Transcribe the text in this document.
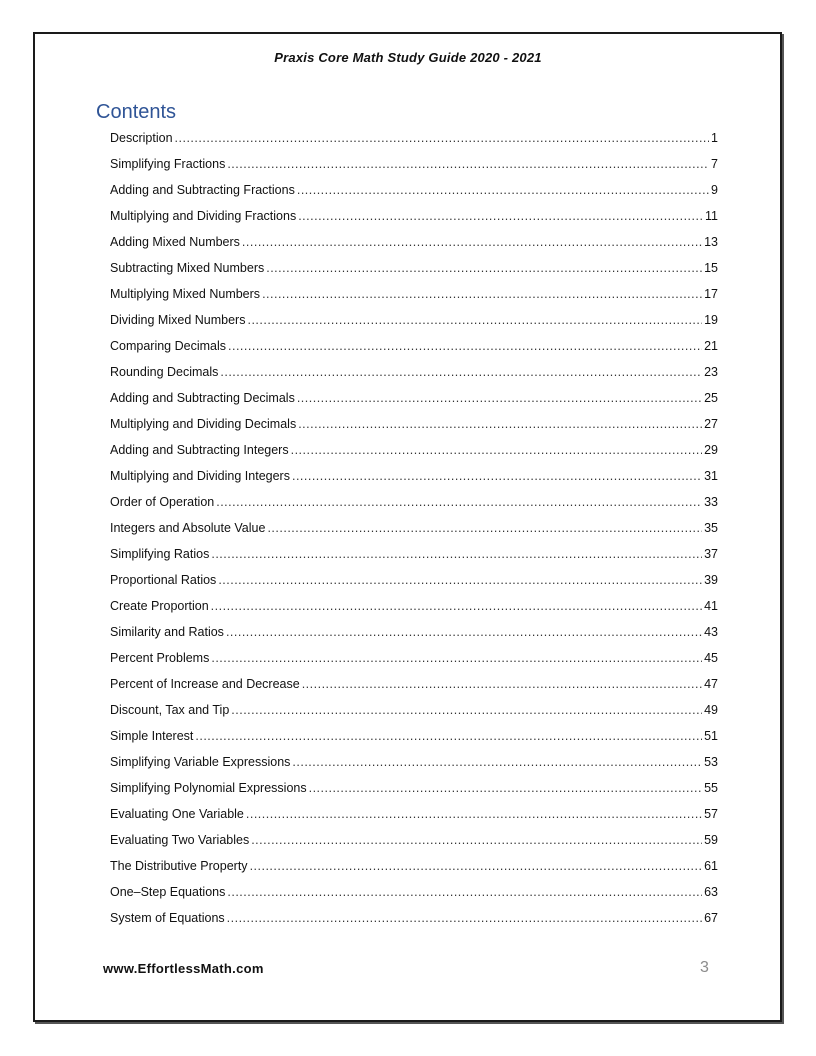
Praxis Core Math Study Guide 2020 - 2021
Contents
Description .....	1
Simplifying Fractions .....	7
Adding and Subtracting Fractions .....	9
Multiplying and Dividing Fractions .....	11
Adding Mixed Numbers .....	13
Subtracting Mixed Numbers .....	15
Multiplying Mixed Numbers .....	17
Dividing Mixed Numbers .....	19
Comparing Decimals .....	21
Rounding Decimals .....	23
Adding and Subtracting Decimals .....	25
Multiplying and Dividing Decimals .....	27
Adding and Subtracting Integers .....	29
Multiplying and Dividing Integers .....	31
Order of Operation .....	33
Integers and Absolute Value .....	35
Simplifying Ratios .....	37
Proportional Ratios .....	39
Create Proportion .....	41
Similarity and Ratios .....	43
Percent Problems .....	45
Percent of Increase and Decrease .....	47
Discount, Tax and Tip .....	49
Simple Interest .....	51
Simplifying Variable Expressions .....	53
Simplifying Polynomial Expressions .....	55
Evaluating One Variable .....	57
Evaluating Two Variables .....	59
The Distributive Property .....	61
One–Step Equations .....	63
System of Equations .....	67
www.EffortlessMath.com	3
